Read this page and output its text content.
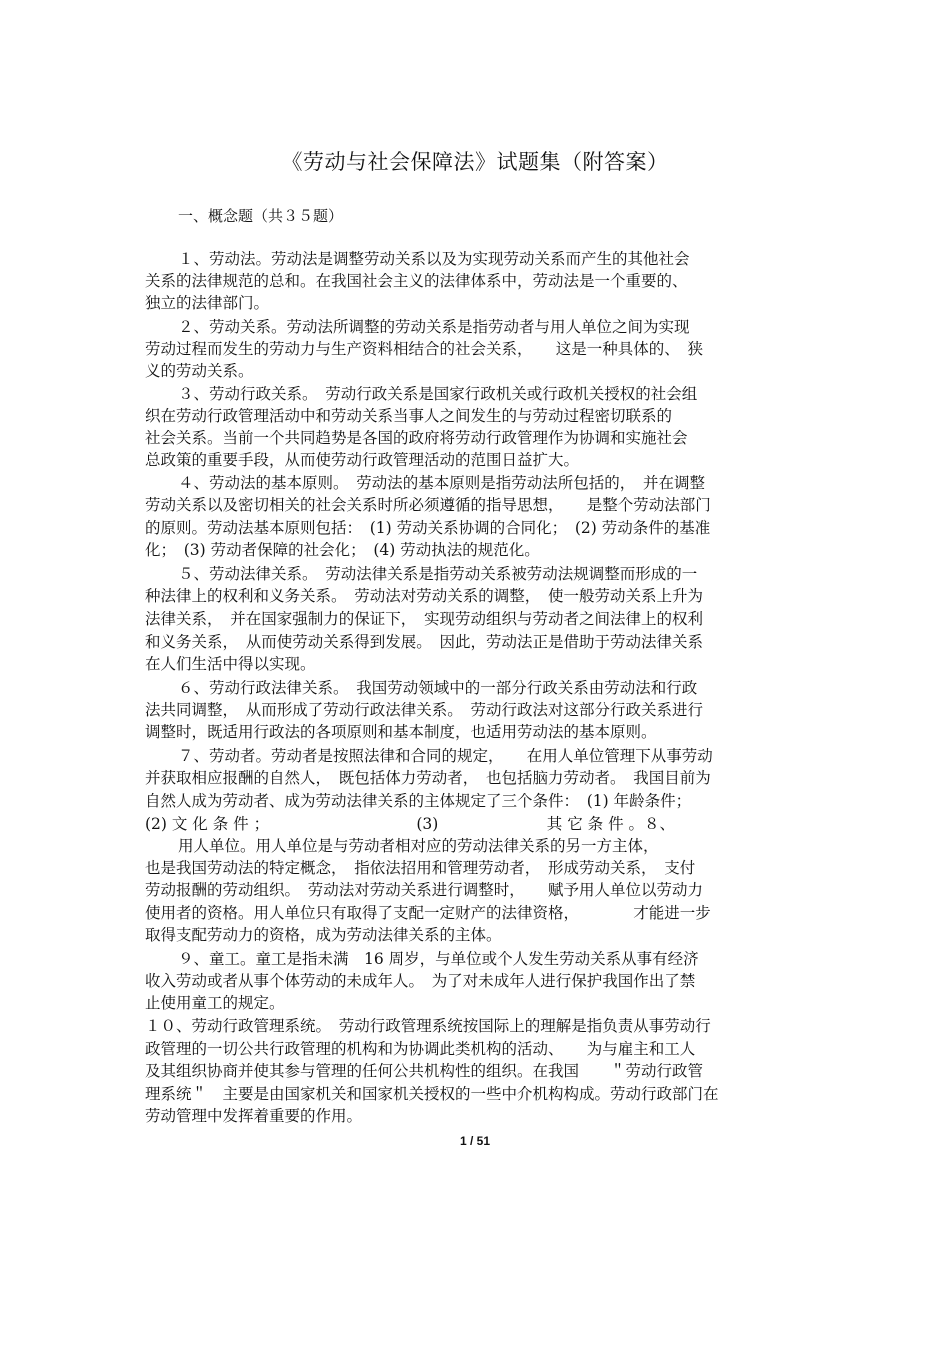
《劳动与社会保障法》试题集（附答案）
一、概念题（共３５题）
１、劳动法。劳动法是调整劳动关系以及为实现劳动关系而产生的其他社会
关系的法律规范的总和。在我国社会主义的法律体系中，劳动法是一个重要的、
独立的法律部门。
２、劳动关系。劳动法所调整的劳动关系是指劳动者与用人单位之间为实现
劳动过程而发生的劳动力与生产资料相结合的社会关系，　　这是一种具体的、　狭
义的劳动关系。
３、劳动行政关系。　劳动行政关系是国家行政机关或行政机关授权的社会组
织在劳动行政管理活动中和劳动关系当事人之间发生的与劳动过程密切联系的
社会关系。当前一个共同趋势是各国的政府将劳动行政管理作为协调和实施社会
总政策的重要手段，从而使劳动行政管理活动的范围日益扩大。
４、劳动法的基本原则。　劳动法的基本原则是指劳动法所包括的，　并在调整
劳动关系以及密切相关的社会关系时所必须遵循的指导思想，　　是整个劳动法部门
的原则。劳动法基本原则包括：　(1) 劳动关系协调的合同化；　(2) 劳动条件的基准
化；　(3) 劳动者保障的社会化；　(4) 劳动执法的规范化。
５、劳动法律关系。　劳动法律关系是指劳动关系被劳动法规调整而形成的一
种法律上的权利和义务关系。　劳动法对劳动关系的调整，　使一般劳动关系上升为
法律关系，　并在国家强制力的保证下，　实现劳动组织与劳动者之间法律上的权利
和义务关系，　从而使劳动关系得到发展。　因此，劳动法正是借助于劳动法律关系
在人们生活中得以实现。
６、劳动行政法律关系。　我国劳动领域中的一部分行政关系由劳动法和行政
法共同调整，　从而形成了劳动行政法律关系。　劳动行政法对这部分行政关系进行
调整时，既适用行政法的各项原则和基本制度，也适用劳动法的基本原则。
７、劳动者。劳动者是按照法律和合同的规定，　　在用人单位管理下从事劳动
并获取相应报酬的自然人，　既包括体力劳动者，　也包括脑力劳动者。　我国目前为
自然人成为劳动者、成为劳动法律关系的主体规定了三个条件：　(1) 年龄条件；
(2) 文 化 条 件 ；　　　　　　　　　　(3)　　　　　　　其 它 条 件 。８、
用人单位。用人单位是与劳动者相对应的劳动法律关系的另一方主体，
也是我国劳动法的特定概念，　指依法招用和管理劳动者，　形成劳动关系，　支付
劳动报酬的劳动组织。　劳动法对劳动关系进行调整时，　　赋予用人单位以劳动力
使用者的资格。用人单位只有取得了支配一定财产的法律资格，　　　　才能进一步
取得支配劳动力的资格，成为劳动法律关系的主体。
９、童工。童工是指未满　16 周岁，与单位或个人发生劳动关系从事有经济
收入劳动或者从事个体劳动的未成年人。　为了对未成年人进行保护我国作出了禁
止使用童工的规定。
１０、劳动行政管理系统。　劳动行政管理系统按国际上的理解是指负责从事劳动行
政管理的一切公共行政管理的机构和为协调此类机构的活动、　　为与雇主和工人
及其组织协商并使其参与管理的任何公共机构性的组织。在我国　　＂劳动行政管
理系统＂　主要是由国家机关和国家机关授权的一些中介机构构成。劳动行政部门在
劳动管理中发挥着重要的作用。
1 / 51
